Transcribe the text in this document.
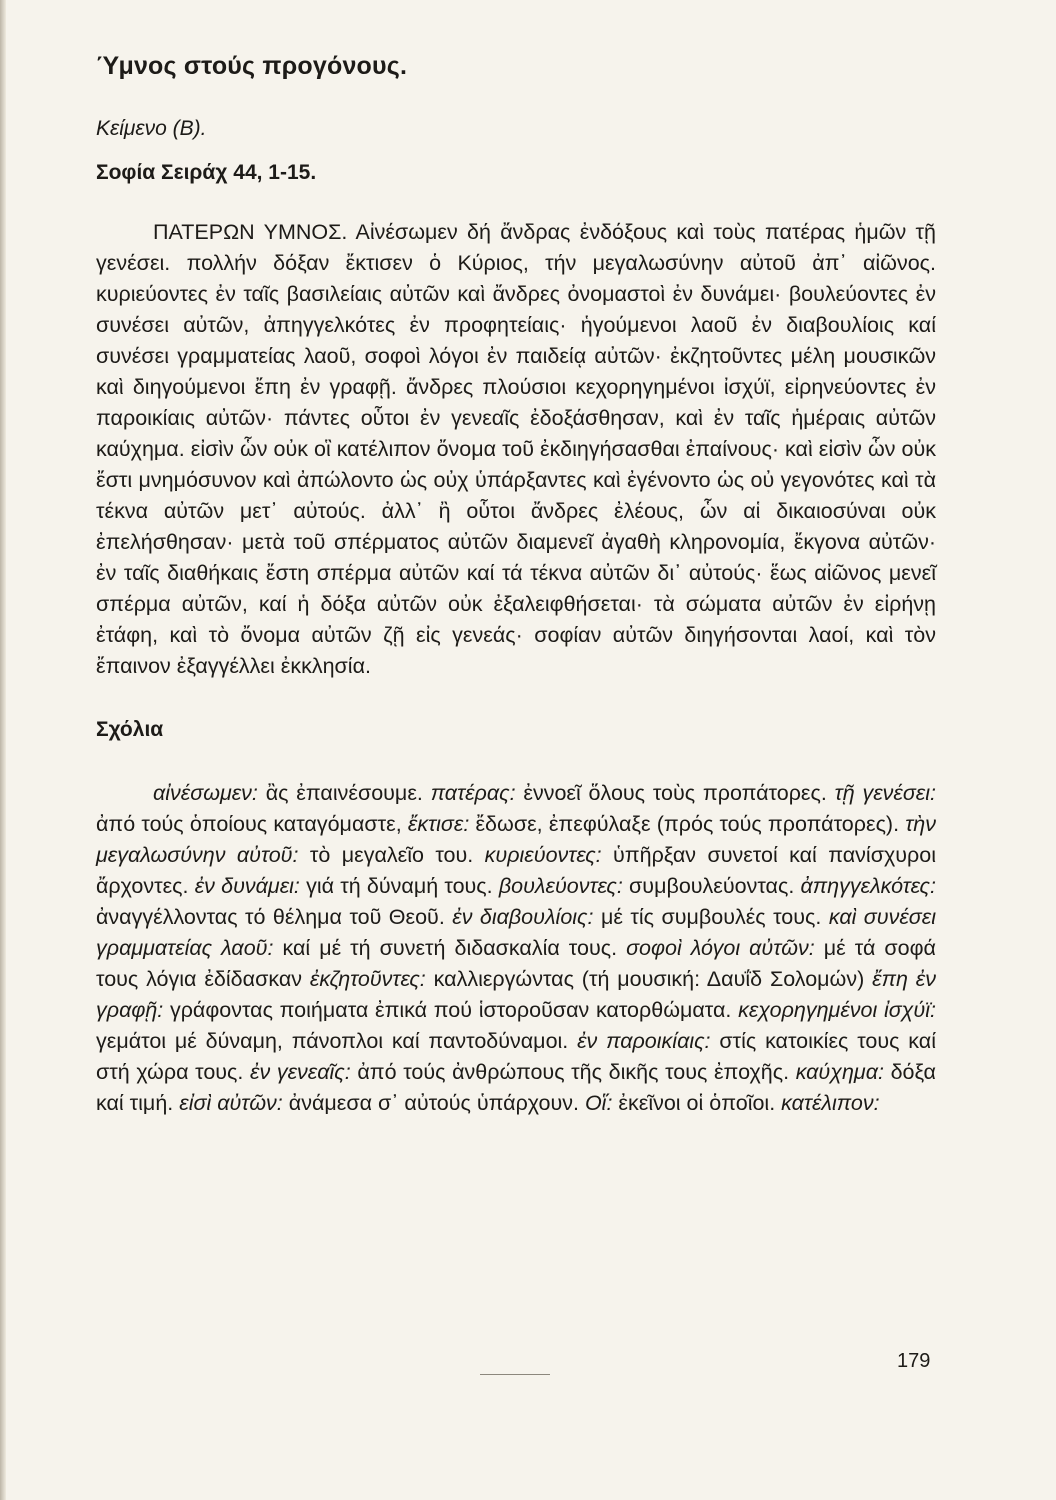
Ύμνος στούς προγόνους.
Κείμενο (Β).
Σοφία Σειράχ 44, 1-15.

ΠΑΤΕΡΩΝ ΥΜΝΟΣ. Αἰνέσωμεν δή ἄνδρας ἐνδόξους καὶ τοὺς πατέρας ἡμῶν τῇ γενέσει. πολλήν δόξαν ἔκτισεν ὁ Κύριος, τήν μεγαλωσύνην αὐτοῦ ἀπ᾽ αἰῶνος. κυριεύοντες ἐν ταῖς βασιλείαις αὐτῶν καὶ ἄνδρες ὀνομαστοὶ ἐν δυνάμει· βουλεύοντες ἐν συνέσει αὐτῶν, ἀπηγγελκότες ἐν προφητείαις· ἡγούμενοι λαοῦ ἐν διαβουλίοις καί συνέσει γραμματείας λαοῦ, σοφοὶ λόγοι ἐν παιδείᾳ αὐτῶν· ἐκζητοῦντες μέλη μουσικῶν καὶ διηγούμενοι ἔπη ἐν γραφῇ. ἄνδρες πλούσιοι κεχορηγημένοι ἰσχύϊ, εἰρηνεύοντες ἐν παροικίαις αὐτῶν· πάντες οὗτοι ἐν γενεαῖς ἐδοξάσθησαν, καὶ ἐν ταῖς ἡμέραις αὐτῶν καύχημα. εἰσὶν ὧν οὐκ οἳ κατέλιπον ὄνομα τοῦ ἐκδιηγήσασθαι ἐπαίνους· καὶ εἰσὶν ὧν οὐκ ἔστι μνημόσυνον καὶ ἀπώλοντο ὡς οὐχ ὑπάρξαντες καὶ ἐγένοντο ὡς οὐ γεγονότες καὶ τὰ τέκνα αὐτῶν μετ᾽ αὐτούς. ἀλλ᾽ ἢ οὗτοι ἄνδρες ἐλέους, ὧν αἱ δικαιοσύναι οὐκ ἐπελήσθησαν· μετὰ τοῦ σπέρματος αὐτῶν διαμενεῖ ἀγαθὴ κληρονομία, ἔκγονα αὐτῶν· ἐν ταῖς διαθήκαις ἔστη σπέρμα αὐτῶν καί τά τέκνα αὐτῶν δι᾽ αὐτούς· ἕως αἰῶνος μενεῖ σπέρμα αὐτῶν, καί ἡ δόξα αὐτῶν οὐκ ἐξαλειφθήσεται· τὰ σώματα αὐτῶν ἐν εἰρήνῃ ἐτάφη, καὶ τὸ ὄνομα αὐτῶν ζῇ εἰς γενεάς· σοφίαν αὐτῶν διηγήσονται λαοί, καὶ τὸν ἔπαινον ἐξαγγέλλει ἐκκλησία.

Σχόλια

αἰνέσωμεν: ἂς ἐπαινέσουμε. πατέρας: ἐννοεῖ ὅλους τοὺς προπάτορες. τῇ γενέσει: ἀπό τούς ὁποίους καταγόμαστε, ἔκτισε: ἔδωσε, ἐπεφύλαξε (πρός τούς προπάτορες). τὴν μεγαλωσύνην αὐτοῦ: τὸ μεγαλεῖο του. κυριεύοντες: ὑπῆρξαν συνετοί καί πανίσχυροι ἄρχοντες. ἐν δυνάμει: γιά τή δύναμή τους. βουλεύοντες: συμβουλεύοντας. ἀπηγγελκότες: ἀναγγέλλοντας τό θέλημα τοῦ Θεοῦ. ἐν διαβουλίοις: μέ τίς συμβουλές τους. καὶ συνέσει γραμματείας λαοῦ: καί μέ τή συνετή διδασκαλία τους. σοφοὶ λόγοι αὐτῶν: μέ τά σοφά τους λόγια ἐδίδασκαν ἐκζητοῦντες: καλλιεργώντας (τή μουσική: Δαυΐδ Σολομών) ἔπη ἐν γραφῇ: γράφοντας ποιήματα ἐπικά πού ἱστοροῦσαν κατορθώματα. κεχορηγημένοι ἰσχύϊ: γεμάτοι μέ δύναμη, πάνοπλοι καί παντοδύναμοι. ἐν παροικίαις: στίς κατοικίες τους καί στή χώρα τους. ἐν γενεαῖς: ἀπό τούς ἀνθρώπους τῆς δικῆς τους ἐποχῆς. καύχημα: δόξα καί τιμή. εἰσὶ αὐτῶν: ἀνάμεσα σ᾽ αὐτούς ὑπάρχουν. Οἵ: ἐκεῖνοι οἱ ὁποῖοι. κατέλιπον:

179
